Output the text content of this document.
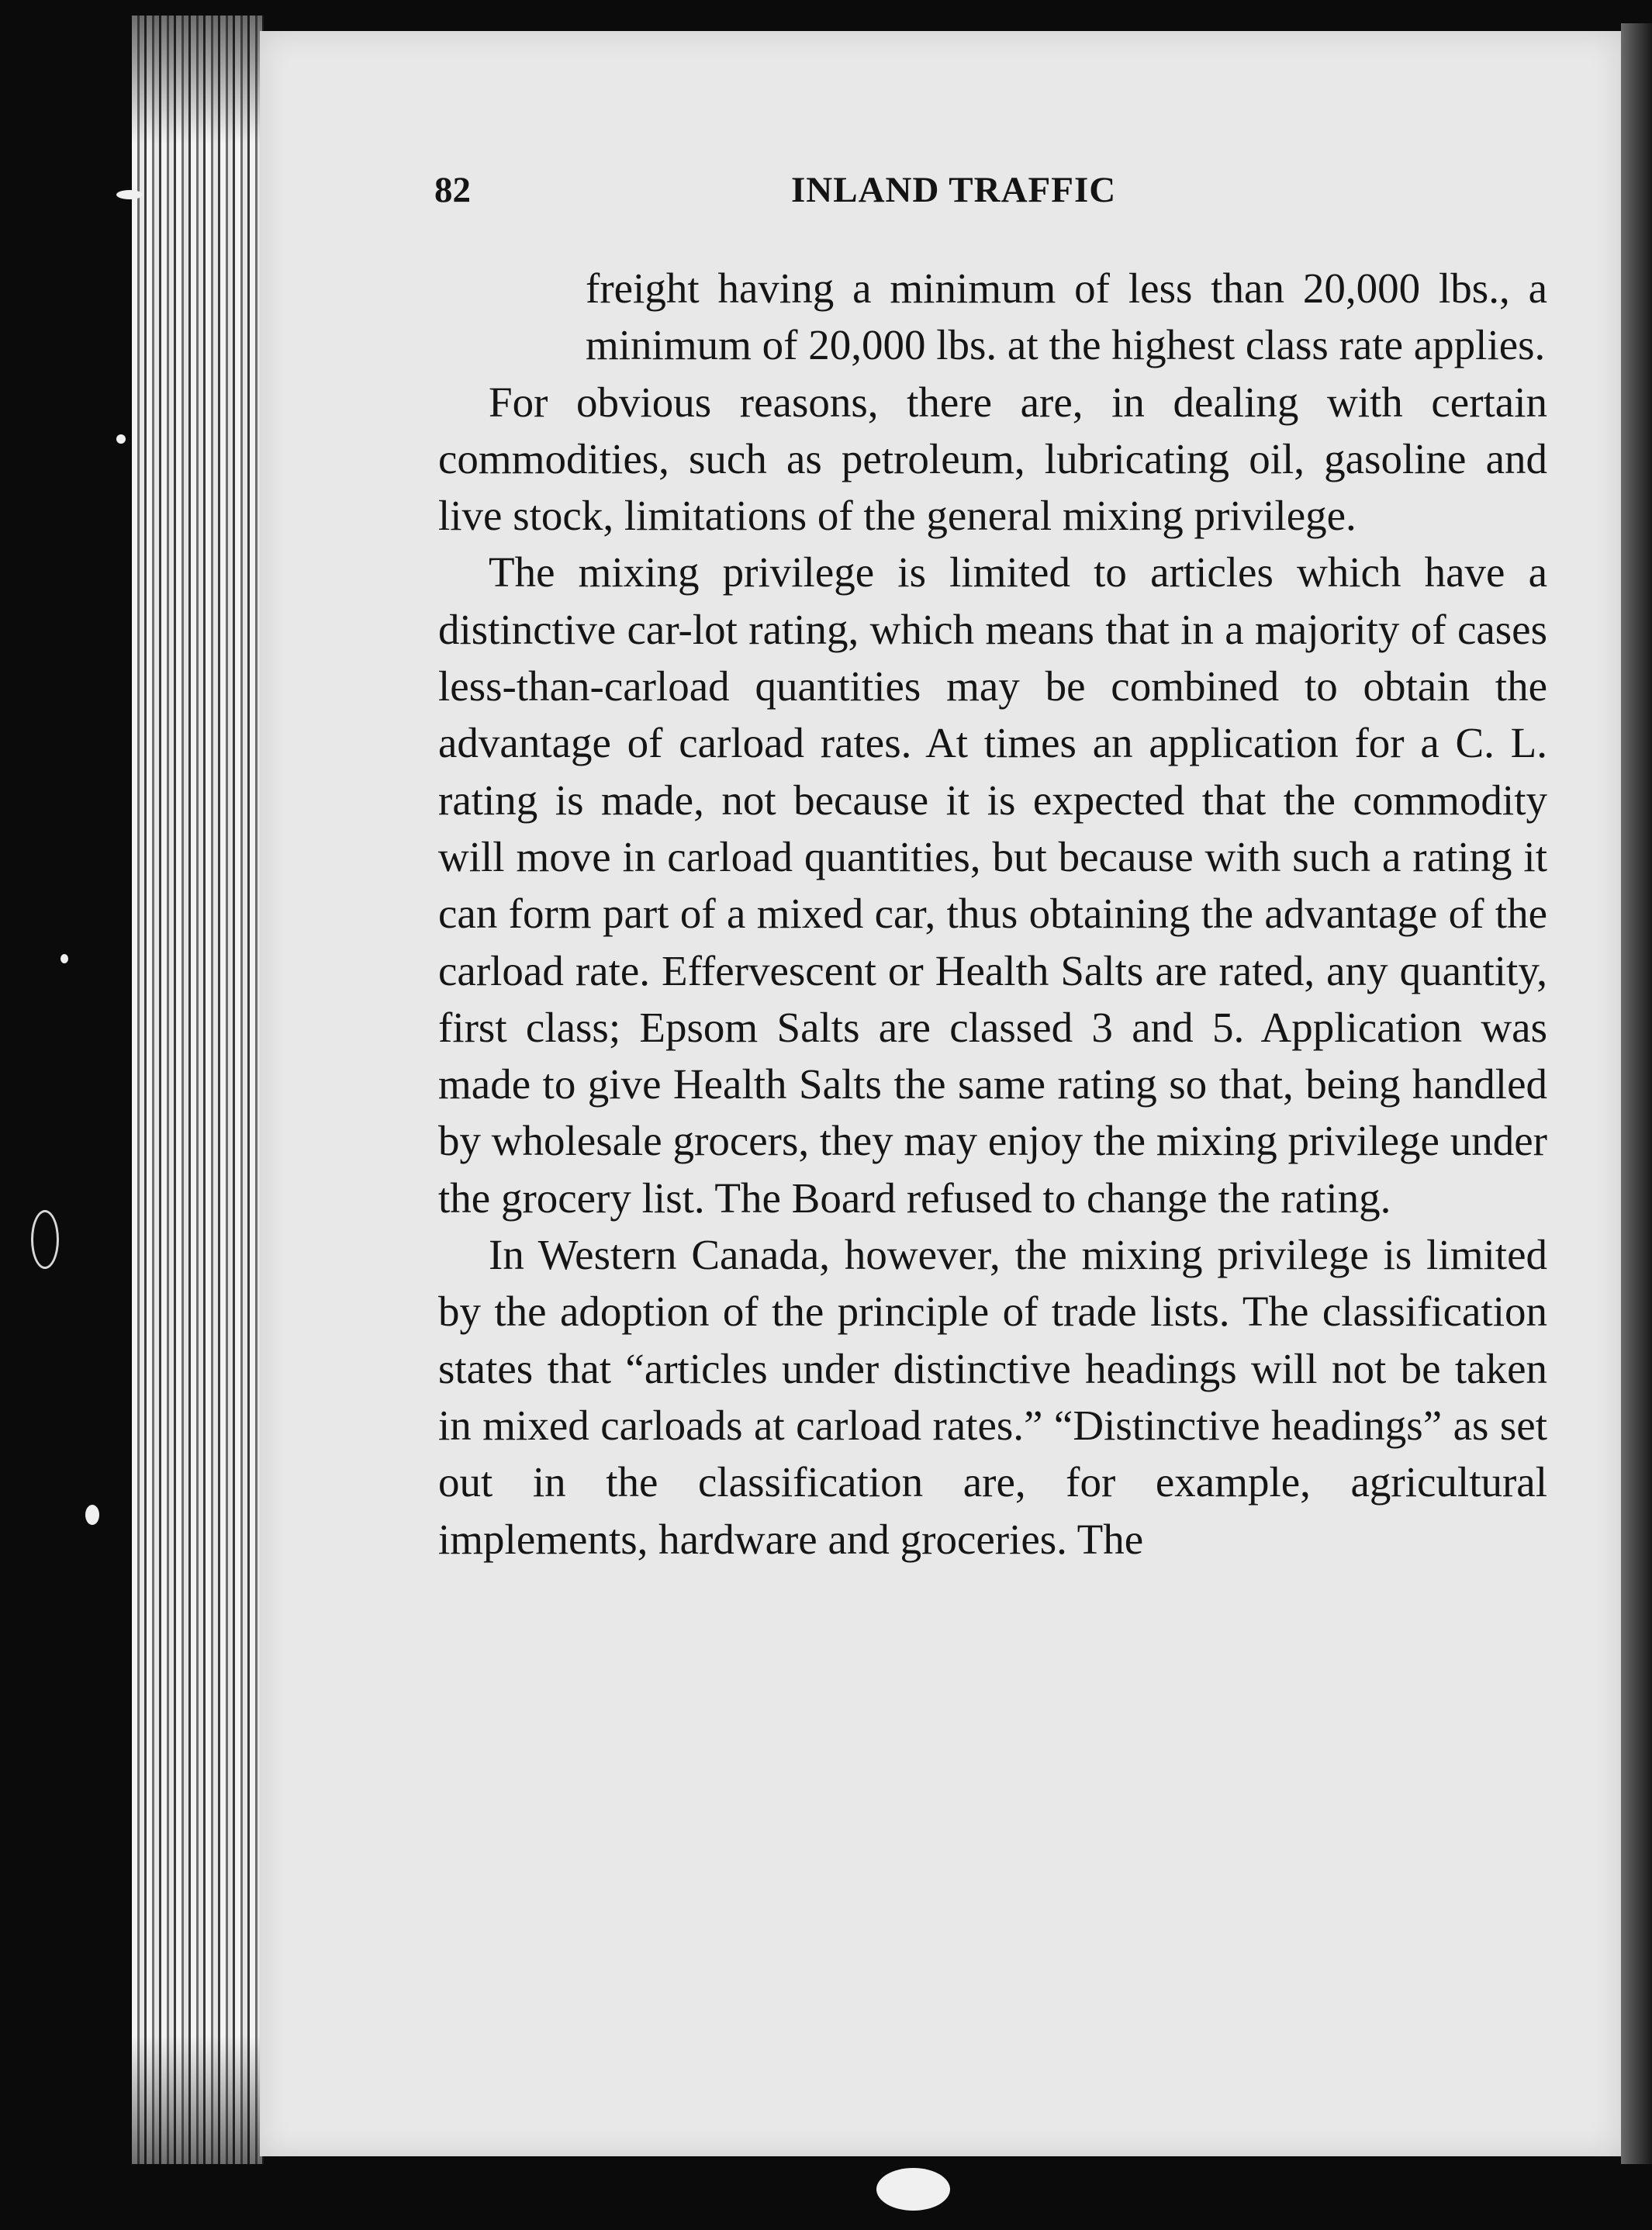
82	INLAND TRAFFIC

freight having a minimum of less than 20,000 lbs., a minimum of 20,000 lbs. at the highest class rate applies.

For obvious reasons, there are, in dealing with certain commodities, such as petroleum, lubricating oil, gasoline and live stock, limitations of the general mixing privilege.

The mixing privilege is limited to articles which have a distinctive car-lot rating, which means that in a majority of cases less-than-carload quantities may be combined to obtain the advantage of carload rates. At times an application for a C. L. rating is made, not because it is expected that the commodity will move in carload quantities, but because with such a rating it can form part of a mixed car, thus obtaining the advantage of the carload rate. Effervescent or Health Salts are rated, any quantity, first class; Epsom Salts are classed 3 and 5. Application was made to give Health Salts the same rating so that, being handled by wholesale grocers, they may enjoy the mixing privilege under the grocery list. The Board refused to change the rating.

In Western Canada, however, the mixing privilege is limited by the adoption of the principle of trade lists. The classification states that “articles under distinctive headings will not be taken in mixed carloads at carload rates.” “Distinctive headings” as set out in the classification are, for example, agricultural implements, hardware and groceries. The
